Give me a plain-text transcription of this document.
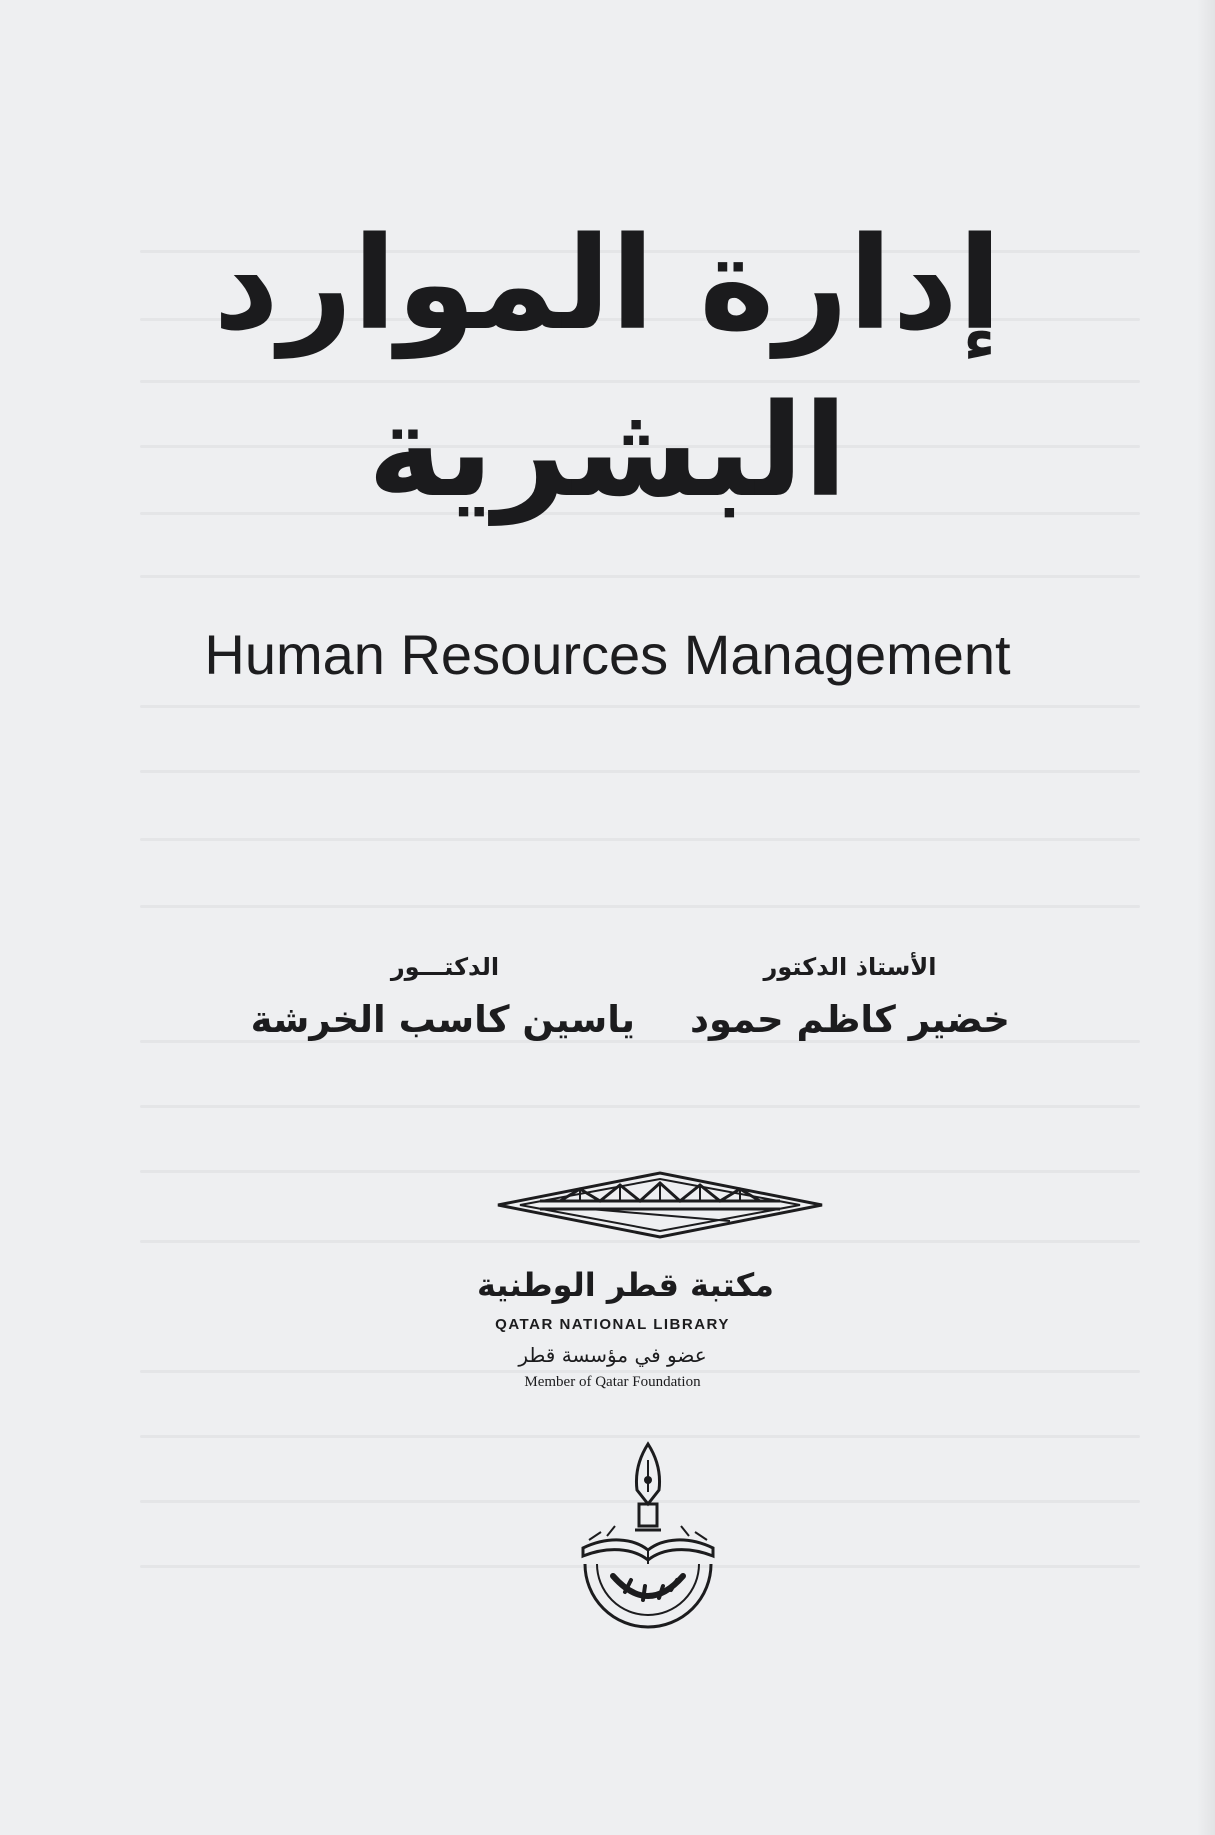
إدارة الموارد
البشرية
Human Resources Management
الأستاذ الدكتور
خضير كاظم حمود
الدكتـــور
ياسين كاسب الخرشة
مكتبة قطر الوطنية
QATAR NATIONAL LIBRARY
عضو في مؤسسة قطر
Member of Qatar Foundation
